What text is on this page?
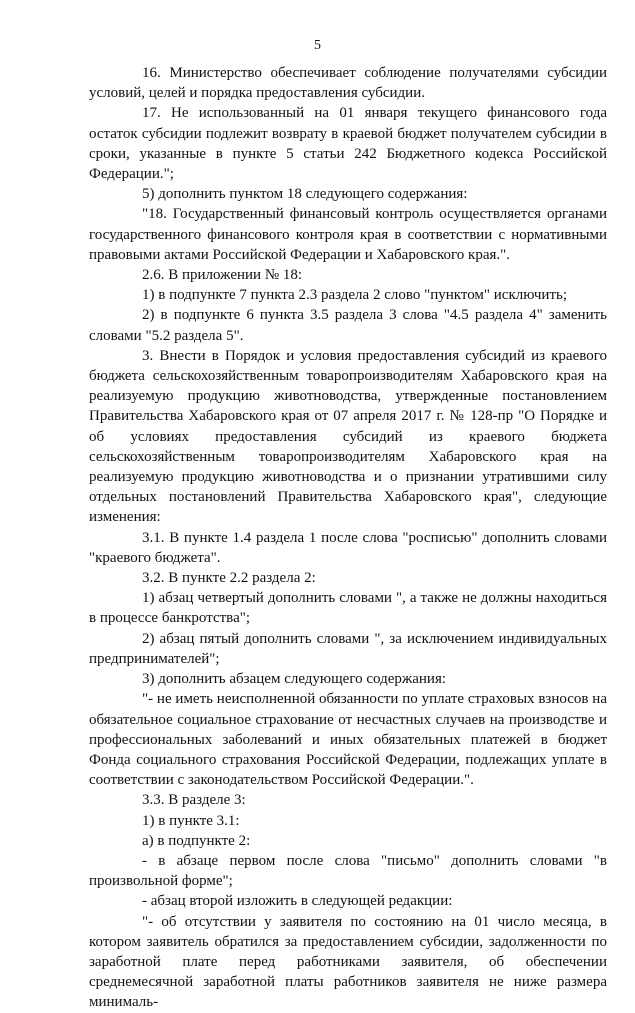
5

16. Министерство обеспечивает соблюдение получателями субсидии условий, целей и порядка предоставления субсидии.

17. Не использованный на 01 января текущего финансового года остаток субсидии подлежит возврату в краевой бюджет получателем субсидии в сроки, указанные в пункте 5 статьи 242 Бюджетного кодекса Российской Федерации.";

5) дополнить пунктом 18 следующего содержания:

"18. Государственный финансовый контроль осуществляется органами государственного финансового контроля края в соответствии с нормативными правовыми актами Российской Федерации и Хабаровского края.".

2.6. В приложении № 18:

1) в подпункте 7 пункта 2.3 раздела 2 слово "пунктом" исключить;

2) в подпункте 6 пункта 3.5 раздела 3 слова "4.5 раздела 4" заменить словами "5.2 раздела 5".

3. Внести в Порядок и условия предоставления субсидий из краевого бюджета сельскохозяйственным товаропроизводителям Хабаровского края на реализуемую продукцию животноводства, утвержденные постановлением Правительства Хабаровского края от 07 апреля 2017 г. № 128-пр "О Порядке и об условиях предоставления субсидий из краевого бюджета сельскохозяйственным товаропроизводителям Хабаровского края на реализуемую продукцию животноводства и о признании утратившими силу отдельных постановлений Правительства Хабаровского края", следующие изменения:

3.1. В пункте 1.4 раздела 1 после слова "росписью" дополнить словами "краевого бюджета".

3.2. В пункте 2.2 раздела 2:

1) абзац четвертый дополнить словами ", а также не должны находиться в процессе банкротства";

2) абзац пятый дополнить словами ", за исключением индивидуальных предпринимателей";

3) дополнить абзацем следующего содержания:

"- не иметь неисполненной обязанности по уплате страховых взносов на обязательное социальное страхование от несчастных случаев на производстве и профессиональных заболеваний и иных обязательных платежей в бюджет Фонда социального страхования Российской Федерации, подлежащих уплате в соответствии с законодательством Российской Федерации.".

3.3. В разделе 3:

1) в пункте 3.1:

а) в подпункте 2:

- в абзаце первом после слова "письмо" дополнить словами "в произвольной форме";

- абзац второй изложить в следующей редакции:

"- об отсутствии у заявителя по состоянию на 01 число месяца, в котором заявитель обратился за предоставлением субсидии, задолженности по заработной плате перед работниками заявителя, об обеспечении среднемесячной заработной платы работников заявителя не ниже размера минималь-
